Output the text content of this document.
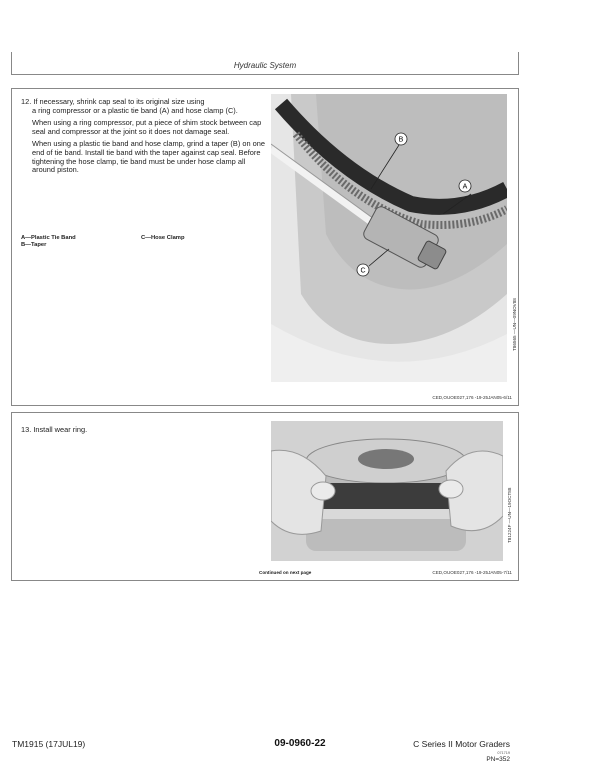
Hydraulic System

12. If necessary, shrink cap seal to its original size using

a ring compressor or a plastic tie band (A) and hose clamp (C).

When using a ring compressor, put a piece of shim stock between cap seal and compressor at the joint so it does not damage seal.

When using a plastic tie band and hose clamp, grind a taper (B) on one end of tie band. Install tie band with the taper against cap seal. Before tightening the hose clamp, tie band must be under hose clamp all around piston.

A—Plastic Tie Band
B—Taper
C—Hose Clamp
B
A
C
T86565 —UN—09NOV88
CED,OUOE027,176 -19-25JAN05-6/11
13. Install wear ring.
T81224F —UN—19OCT88
Continued on next page	CED,OUOE027,176 -19-25JAN05-7/11
TM1915 (17JUL19)	09-0960-22	C Series II Motor Graders
071719
PN=352
